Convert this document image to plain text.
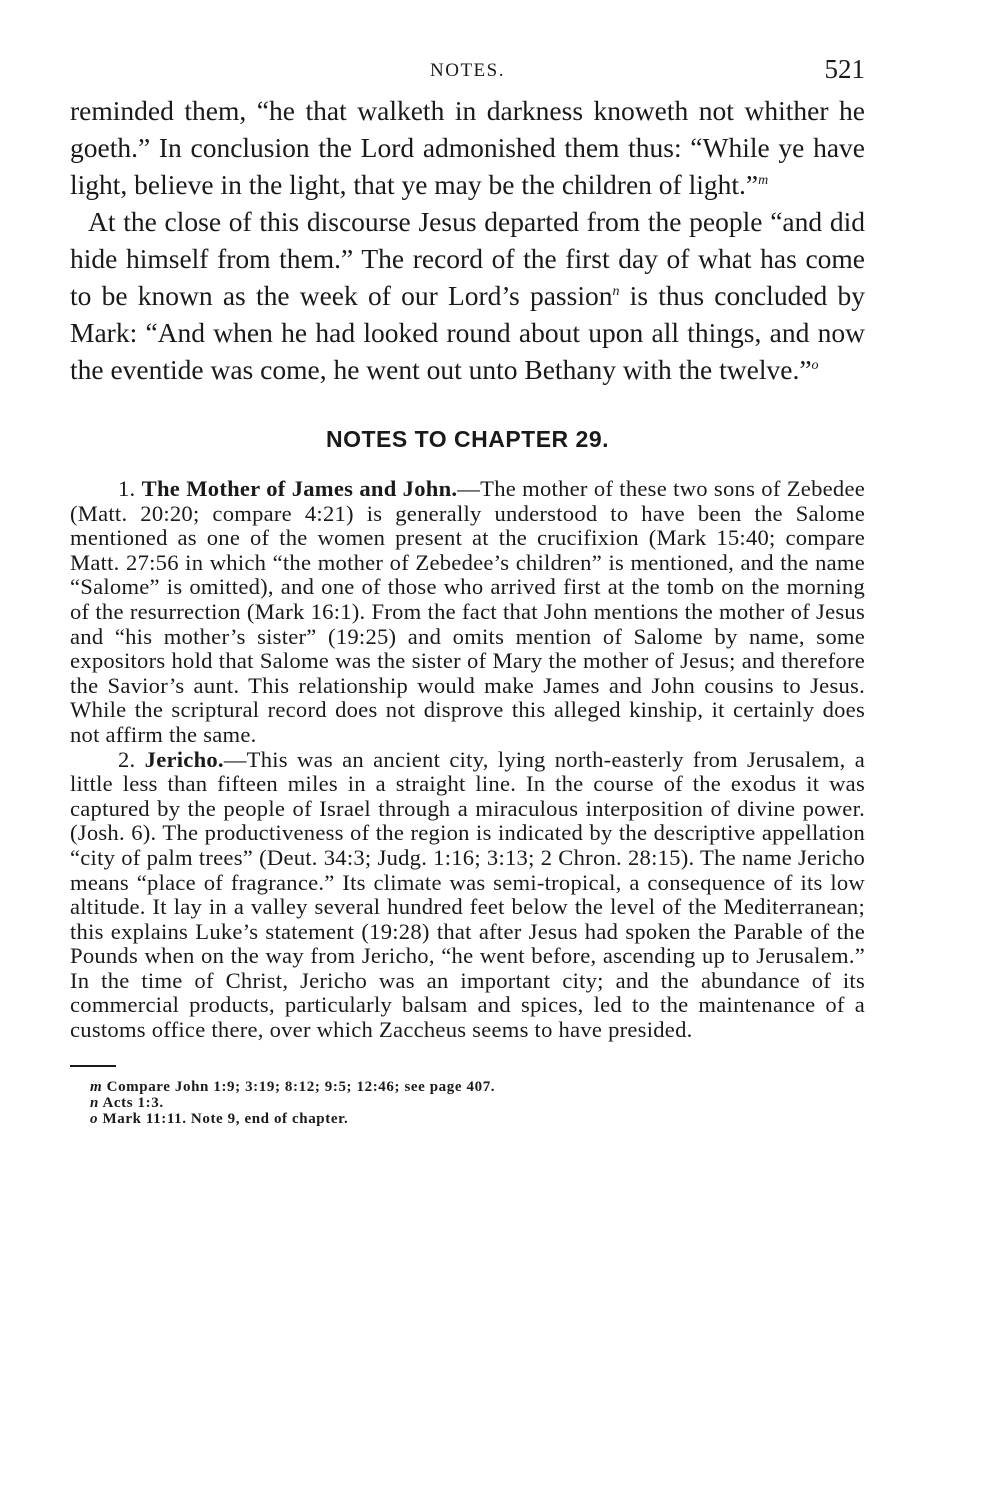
NOTES.	521

reminded them, “he that walketh in darkness knoweth not whither he goeth.” In conclusion the Lord admonished them thus: “While ye have light, believe in the light, that ye may be the children of light.”$^m$

At the close of this discourse Jesus departed from the people “and did hide himself from them.” The record of the first day of what has come to be known as the week of our Lord’s passion$^n$ is thus concluded by Mark: “And when he had looked round about upon all things, and now the eventide was come, he went out unto Bethany with the twelve.”$^o$

NOTES TO CHAPTER 29.

1. The Mother of James and John.—The mother of these two sons of Zebedee (Matt. 20:20; compare 4:21) is generally understood to have been the Salome mentioned as one of the women present at the crucifixion (Mark 15:40; compare Matt. 27:56 in which “the mother of Zebedee’s children” is mentioned, and the name “Salome” is omitted), and one of those who arrived first at the tomb on the morning of the resurrection (Mark 16:1). From the fact that John mentions the mother of Jesus and “his mother’s sister” (19:25) and omits mention of Salome by name, some expositors hold that Salome was the sister of Mary the mother of Jesus; and therefore the Savior’s aunt. This relationship would make James and John cousins to Jesus. While the scriptural record does not disprove this alleged kinship, it certainly does not affirm the same.

2. Jericho.—This was an ancient city, lying north-easterly from Jerusalem, a little less than fifteen miles in a straight line. In the course of the exodus it was captured by the people of Israel through a miraculous interposition of divine power. (Josh. 6). The productiveness of the region is indicated by the descriptive appellation “city of palm trees” (Deut. 34:3; Judg. 1:16; 3:13; 2 Chron. 28:15). The name Jericho means “place of fragrance.” Its climate was semi-tropical, a consequence of its low altitude. It lay in a valley several hundred feet below the level of the Mediterranean; this explains Luke’s statement (19:28) that after Jesus had spoken the Parable of the Pounds when on the way from Jericho, “he went before, ascending up to Jerusalem.” In the time of Christ, Jericho was an important city; and the abundance of its commercial products, particularly balsam and spices, led to the maintenance of a customs office there, over which Zaccheus seems to have presided.

m Compare John 1:9; 3:19; 8:12; 9:5; 12:46; see page 407.

n Acts 1:3.

o Mark 11:11. Note 9, end of chapter.
